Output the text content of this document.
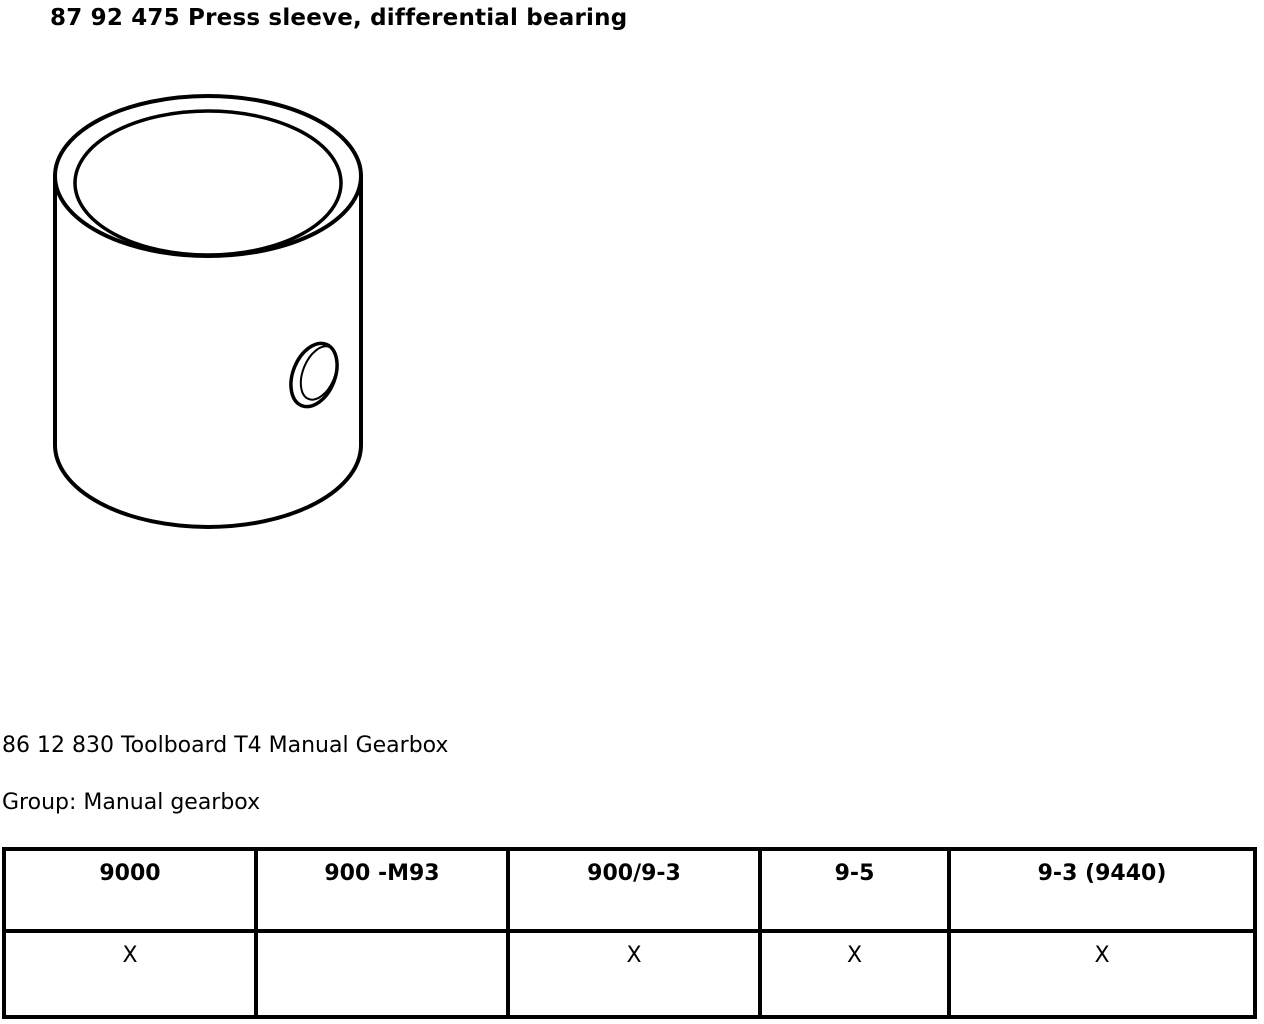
87 92 475 Press sleeve, differential bearing
86 12 830 Toolboard T4 Manual Gearbox
Group: Manual gearbox
9000	900 -M93	900/9-3	9-5	9-3 (9440)
X		X	X	X
